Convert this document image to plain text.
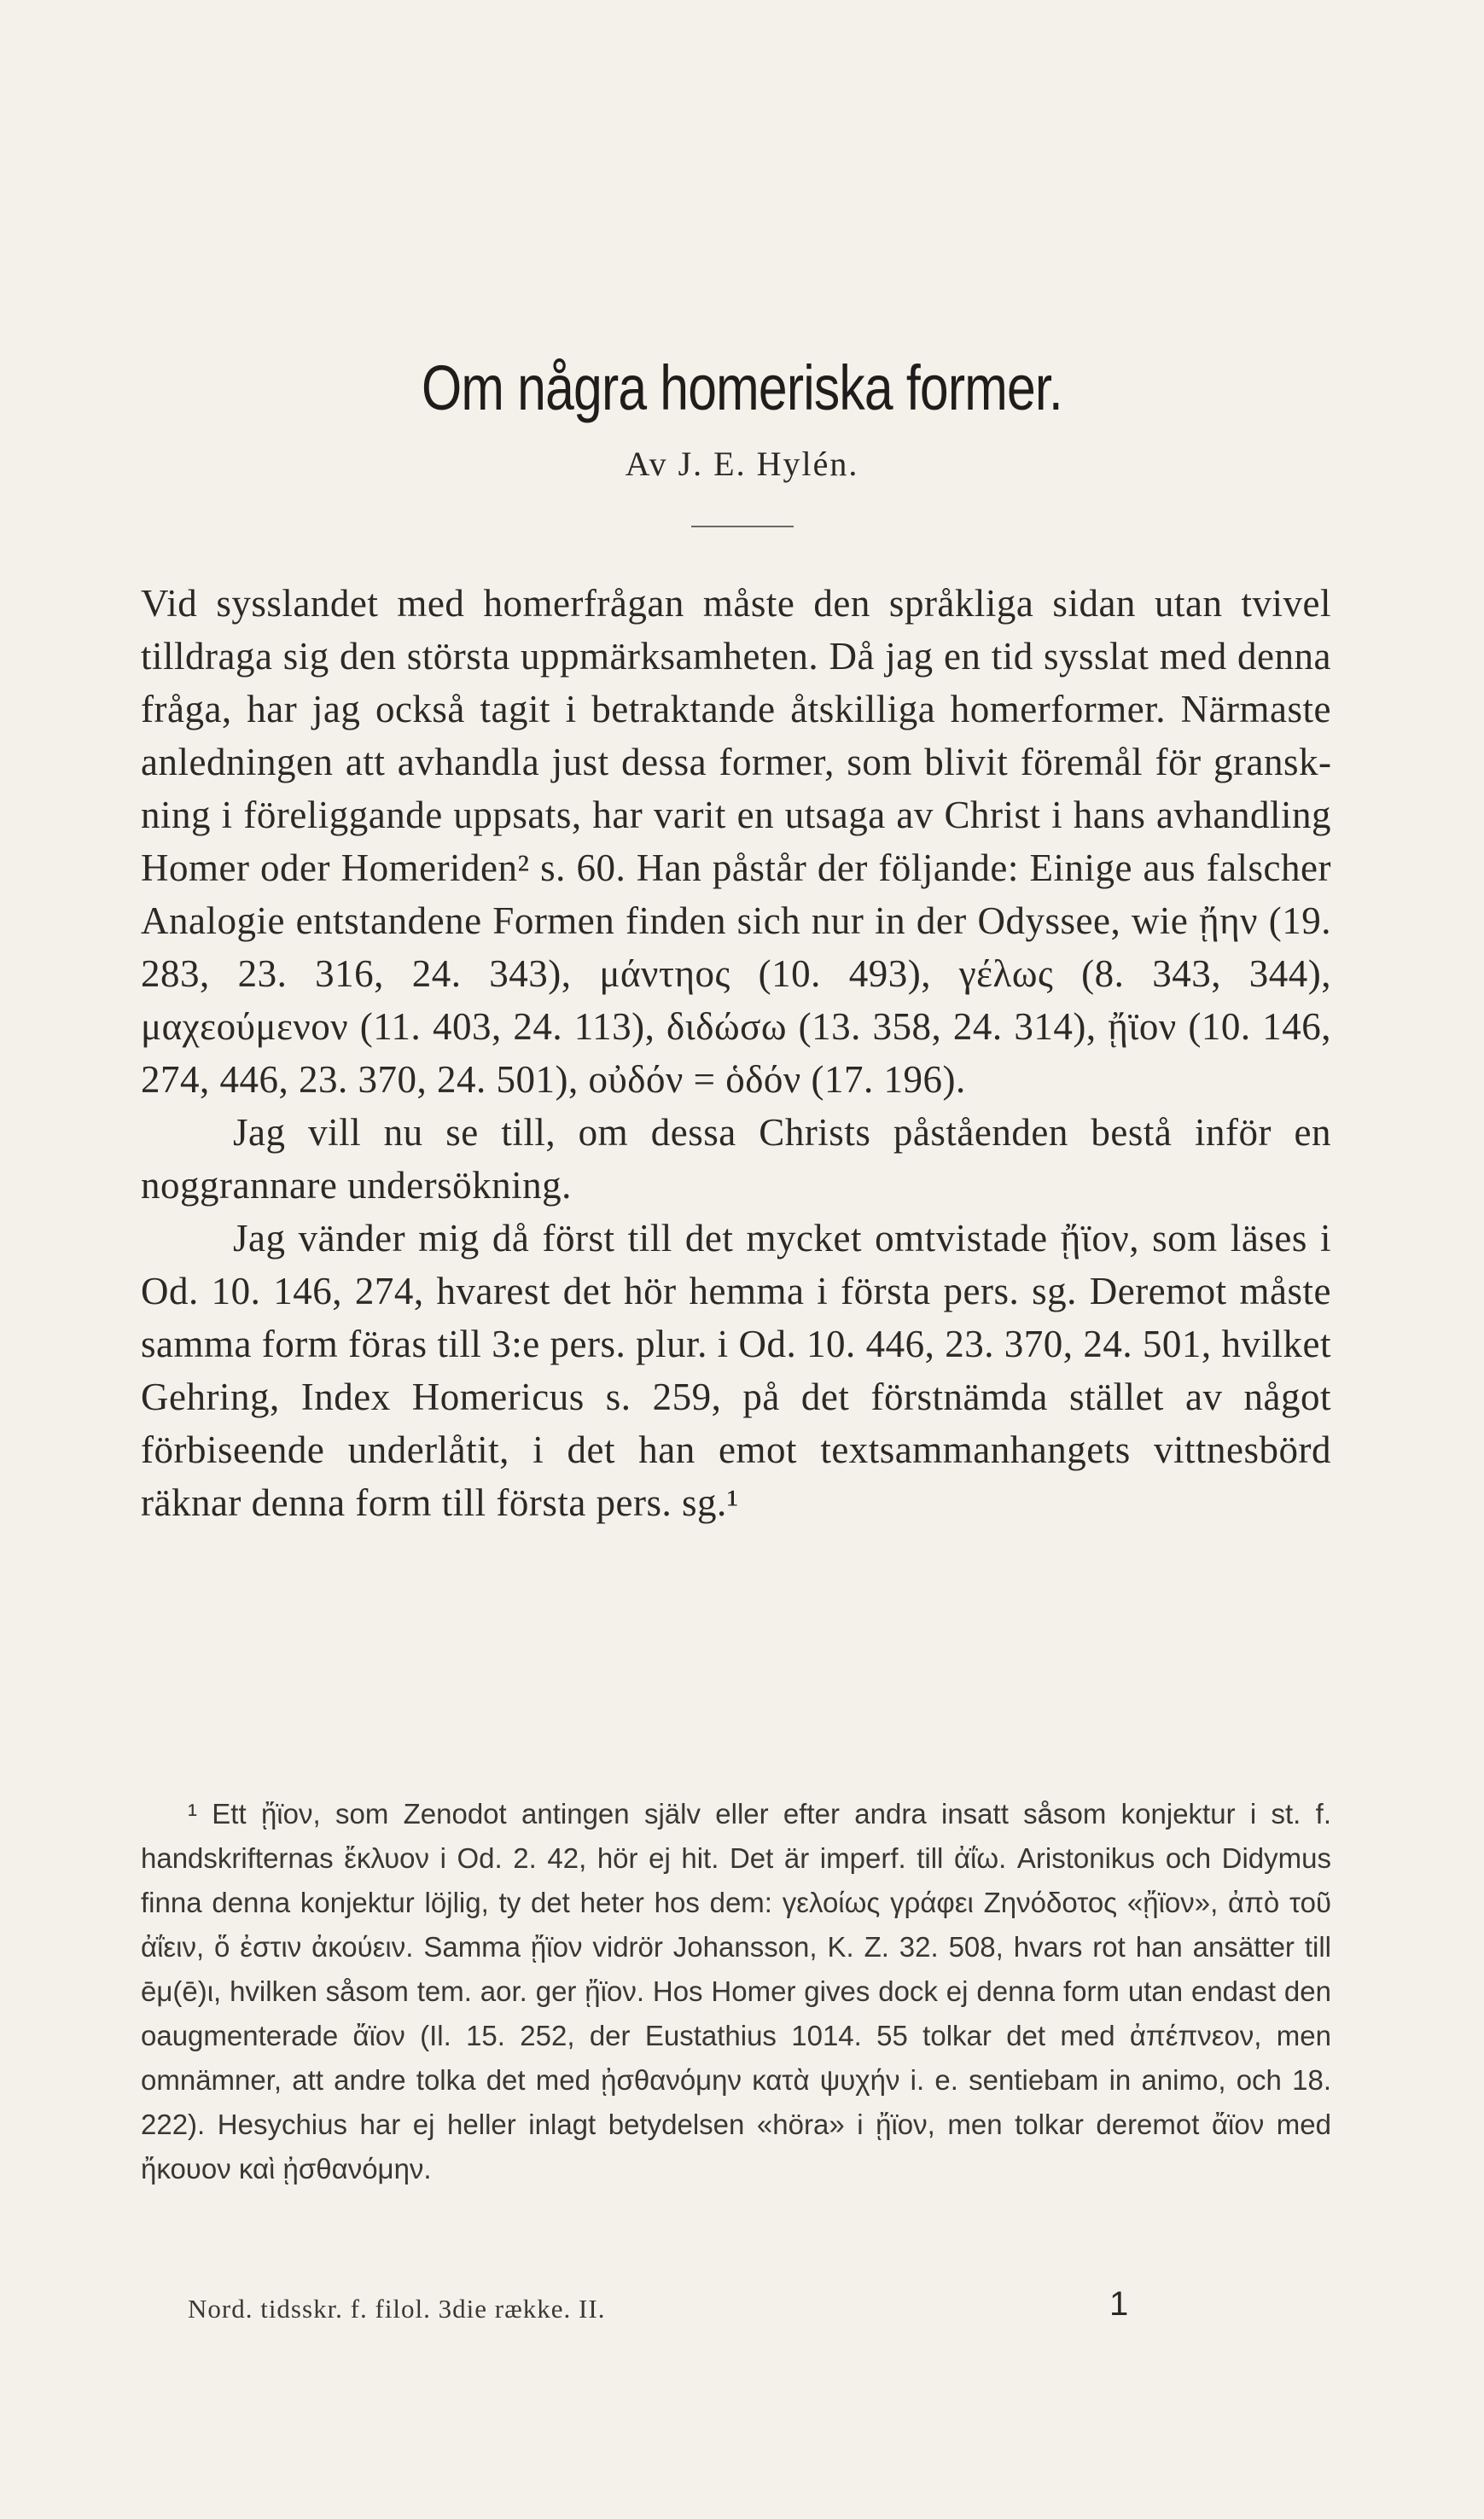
Om några homeriska former.
Av J. E. Hylén.

Vid sysslandet med homerfrågan måste den språkliga sidan utan tvivel tilldraga sig den största uppmärksamheten. Då jag en tid sysslat med denna fråga, har jag också tagit i betraktande åtskilliga homerformer. Närmaste anledningen att avhandla just dessa former, som blivit föremål för granskning i föreliggande uppsats, har varit en utsaga av Christ i hans avhandling Homer oder Homeriden² s. 60. Han påstår der följande: Einige aus falscher Analogie entstandene Formen finden sich nur in der Odyssee, wie ᾔην (19. 283, 23. 316, 24. 343), μάντηος (10. 493), γέλως (8. 343, 344), μαχεούμενον (11. 403, 24. 113), διδώσω (13. 358, 24. 314), ᾔϊον (10. 146, 274, 446, 23. 370, 24. 501), οὐδόν = ὁδόν (17. 196).

Jag vill nu se till, om dessa Christs påståenden bestå inför en noggrannare undersökning.

Jag vänder mig då först till det mycket omtvistade ᾔϊον, som läses i Od. 10. 146, 274, hvarest det hör hemma i första pers. sg. Deremot måste samma form föras till 3:e pers. plur. i Od. 10. 446, 23. 370, 24. 501, hvilket Gehring, Index Homericus s. 259, på det förstnämda stället av något förbiseende underlåtit, i det han emot textsammanhangets vittnesbörd räknar denna form till första pers. sg.¹

¹ Ett ᾔϊον, som Zenodot antingen själv eller efter andra insatt såsom konjektur i st. f. handskrifternas ἔκλυον i Od. 2. 42, hör ej hit. Det är imperf. till ἀΐω. Aristonikus och Didymus finna denna konjektur löjlig, ty det heter hos dem: γελοίως γράφει Ζηνόδοτος «ᾔϊον», ἀπὸ τοῦ ἀΐειν, ὅ ἐστιν ἀκούειν. Samma ᾔϊον vidrör Johansson, K. Z. 32. 508, hvars rot han ansätter till ēμ(ē)ι, hvilken såsom tem. aor. ger ᾔϊον. Hos Homer gives dock ej denna form utan endast den oaugmenterade ἄϊον (Il. 15. 252, der Eustathius 1014. 55 tolkar det med ἀπέπνεον, men omnämner, att andre tolka det med ᾐσθανόμην κατὰ ψυχήν i. e. sentiebam in animo, och 18. 222). Hesychius har ej heller inlagt betydelsen «höra» i ᾔϊον, men tolkar deremot ἄϊον med ἤκουον καὶ ᾐσθανόμην.

Nord. tidsskr. f. filol. 3die række. II.	1
